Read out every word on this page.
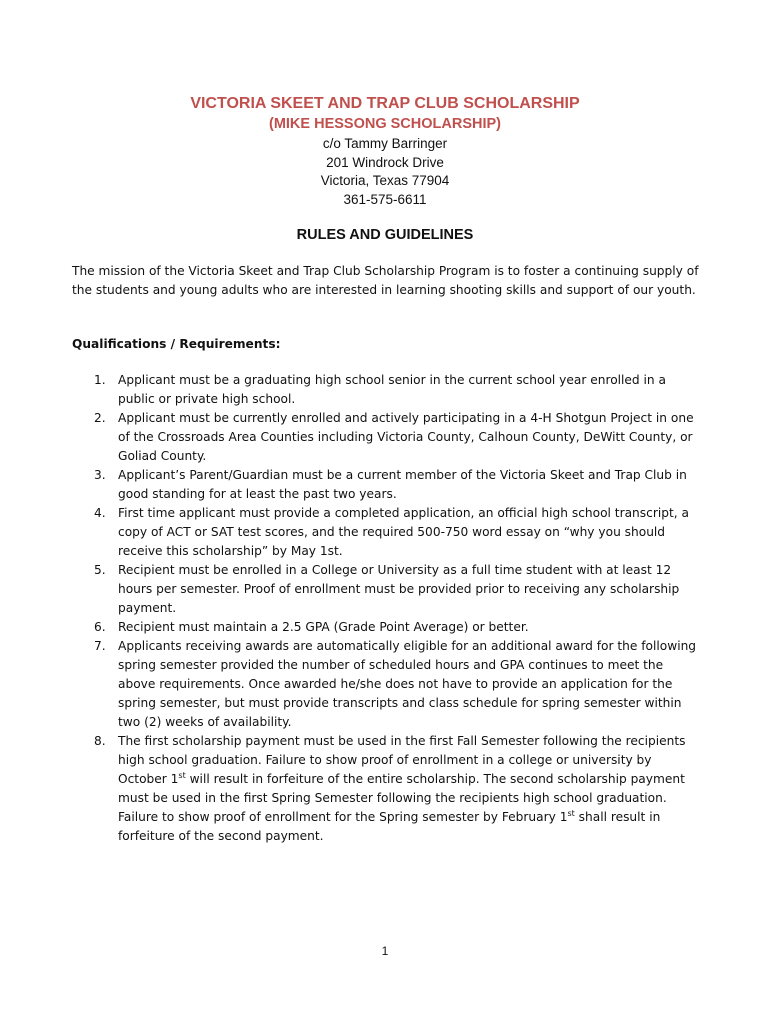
VICTORIA SKEET AND TRAP CLUB SCHOLARSHIP
(MIKE HESSONG SCHOLARSHIP)
c/o Tammy Barringer
201 Windrock Drive
Victoria, Texas 77904
361-575-6611
RULES AND GUIDELINES
The mission of the Victoria Skeet and Trap Club Scholarship Program is to foster a continuing supply of the students and young adults who are interested in learning shooting skills and support of our youth.
Qualifications / Requirements:
1. Applicant must be a graduating high school senior in the current school year enrolled in a public or private high school.
2. Applicant must be currently enrolled and actively participating in a 4-H Shotgun Project in one of the Crossroads Area Counties including Victoria County, Calhoun County, DeWitt County, or Goliad County.
3. Applicant’s Parent/Guardian must be a current member of the Victoria Skeet and Trap Club in good standing for at least the past two years.
4. First time applicant must provide a completed application, an official high school transcript, a copy of ACT or SAT test scores, and the required 500-750 word essay on “why you should receive this scholarship” by May 1st.
5. Recipient must be enrolled in a College or University as a full time student with at least 12 hours per semester. Proof of enrollment must be provided prior to receiving any scholarship payment.
6. Recipient must maintain a 2.5 GPA (Grade Point Average) or better.
7. Applicants receiving awards are automatically eligible for an additional award for the following spring semester provided the number of scheduled hours and GPA continues to meet the above requirements. Once awarded he/she does not have to provide an application for the spring semester, but must provide transcripts and class schedule for spring semester within two (2) weeks of availability.
8. The first scholarship payment must be used in the first Fall Semester following the recipients high school graduation. Failure to show proof of enrollment in a college or university by October 1st will result in forfeiture of the entire scholarship. The second scholarship payment must be used in the first Spring Semester following the recipients high school graduation. Failure to show proof of enrollment for the Spring semester by February 1st shall result in forfeiture of the second payment.
1
